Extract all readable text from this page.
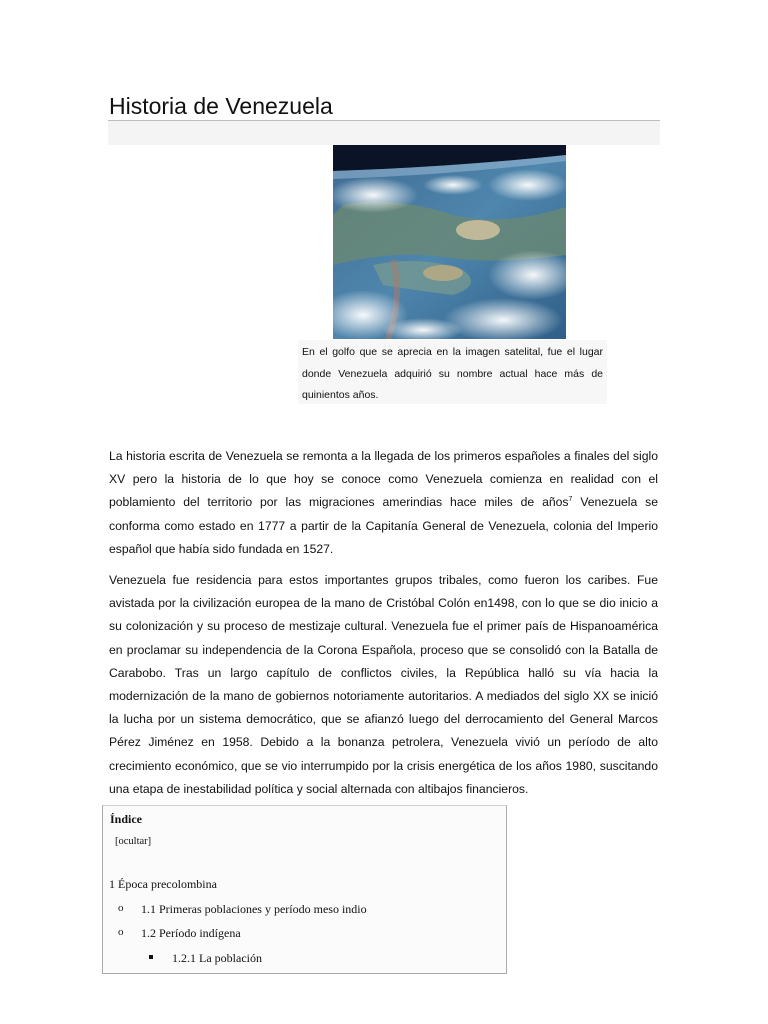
Historia de Venezuela
En el golfo que se aprecia en la imagen satelital, fue el lugar donde Venezuela adquirió su nombre actual hace más de quinientos años.

La historia escrita de Venezuela se remonta a la llegada de los primeros españoles a finales del siglo XV pero la historia de lo que hoy se conoce como Venezuela comienza en realidad con el poblamiento del territorio por las migraciones amerindias hace miles de años$^7$ Venezuela se conforma como estado en 1777 a partir de la Capitanía General de Venezuela, colonia del Imperio español que había sido fundada en 1527.

Venezuela fue residencia para estos importantes grupos tribales, como fueron los caribes. Fue avistada por la civilización europea de la mano de Cristóbal Colón en1498, con lo que se dio inicio a su colonización y su proceso de mestizaje cultural. Venezuela fue el primer país de Hispanoamérica en proclamar su independencia de la Corona Española, proceso que se consolidó con la Batalla de Carabobo. Tras un largo capítulo de conflictos civiles, la República halló su vía hacia la modernización de la mano de gobiernos notoriamente autoritarios. A mediados del siglo XX se inició la lucha por un sistema democrático, que se afianzó luego del derrocamiento del General Marcos Pérez Jiménez en 1958. Debido a la bonanza petrolera, Venezuela vivió un período de alto crecimiento económico, que se vio interrumpido por la crisis energética de los años 1980, suscitando una etapa de inestabilidad política y social alternada con altibajos financieros.

Índice
[ocultar]
1 Época precolombina
o 1.1 Primeras poblaciones y período meso indio
o 1.2 Período indígena
1.2.1 La población
